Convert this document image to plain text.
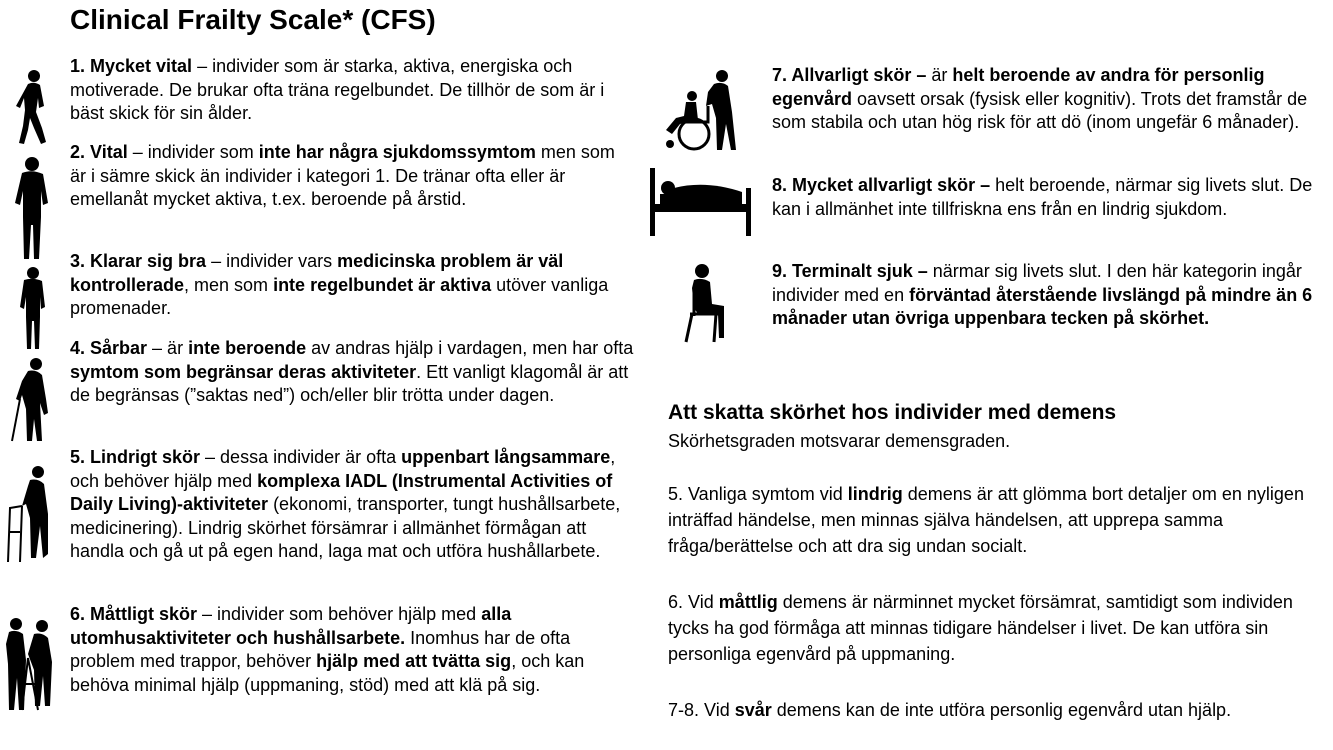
Clinical Frailty Scale* (CFS)
1. Mycket vital – individer som är starka, aktiva, energiska och motiverade. De brukar ofta träna regelbundet. De tillhör de som är i bäst skick för sin ålder.
2. Vital – individer som inte har några sjukdomssymtom men som är i sämre skick än individer i kategori 1. De tränar ofta eller är emellanåt mycket aktiva, t.ex. beroende på årstid.
3. Klarar sig bra – individer vars medicinska problem är väl kontrollerade, men som inte regelbundet är aktiva utöver vanliga promenader.
4. Sårbar – är inte beroende av andras hjälp i vardagen, men har ofta symtom som begränsar deras aktiviteter. Ett vanligt klagomål är att de begränsas (”saktas ned”) och/eller blir trötta under dagen.
5. Lindrigt skör – dessa individer är ofta uppenbart långsammare, och behöver hjälp med komplexa IADL (Instrumental Activities of Daily Living)-aktiviteter (ekonomi, transporter, tungt hushållsarbete, medicinering). Lindrig skörhet försämrar i allmänhet förmågan att handla och gå ut på egen hand, laga mat och utföra hushållarbete.
6. Måttligt skör – individer som behöver hjälp med alla utomhusaktiviteter och hushållsarbete. Inomhus har de ofta problem med trappor, behöver hjälp med att tvätta sig, och kan behöva minimal hjälp (uppmaning, stöd) med att klä på sig.
7. Allvarligt skör – är helt beroende av andra för personlig egenvård oavsett orsak (fysisk eller kognitiv). Trots det framstår de som stabila och utan hög risk för att dö (inom ungefär 6 månader).
8. Mycket allvarligt skör – helt beroende, närmar sig livets slut. De kan i allmänhet inte tillfriskna ens från en lindrig sjukdom.
9. Terminalt sjuk – närmar sig livets slut. I den här kategorin ingår individer med en förväntad återstående livslängd på mindre än 6 månader utan övriga uppenbara tecken på skörhet.
Att skatta skörhet hos individer med demens
Skörhetsgraden motsvarar demensgraden.
5. Vanliga symtom vid lindrig demens är att glömma bort detaljer om en nyligen inträffad händelse, men minnas själva händelsen, att upprepa samma fråga/berättelse och att dra sig undan socialt.
6. Vid måttlig demens är närminnet mycket försämrat, samtidigt som individen tycks ha god förmåga att minnas tidigare händelser i livet. De kan utföra sin personliga egenvård på uppmaning.
7-8. Vid svår demens kan de inte utföra personlig egenvård utan hjälp.
